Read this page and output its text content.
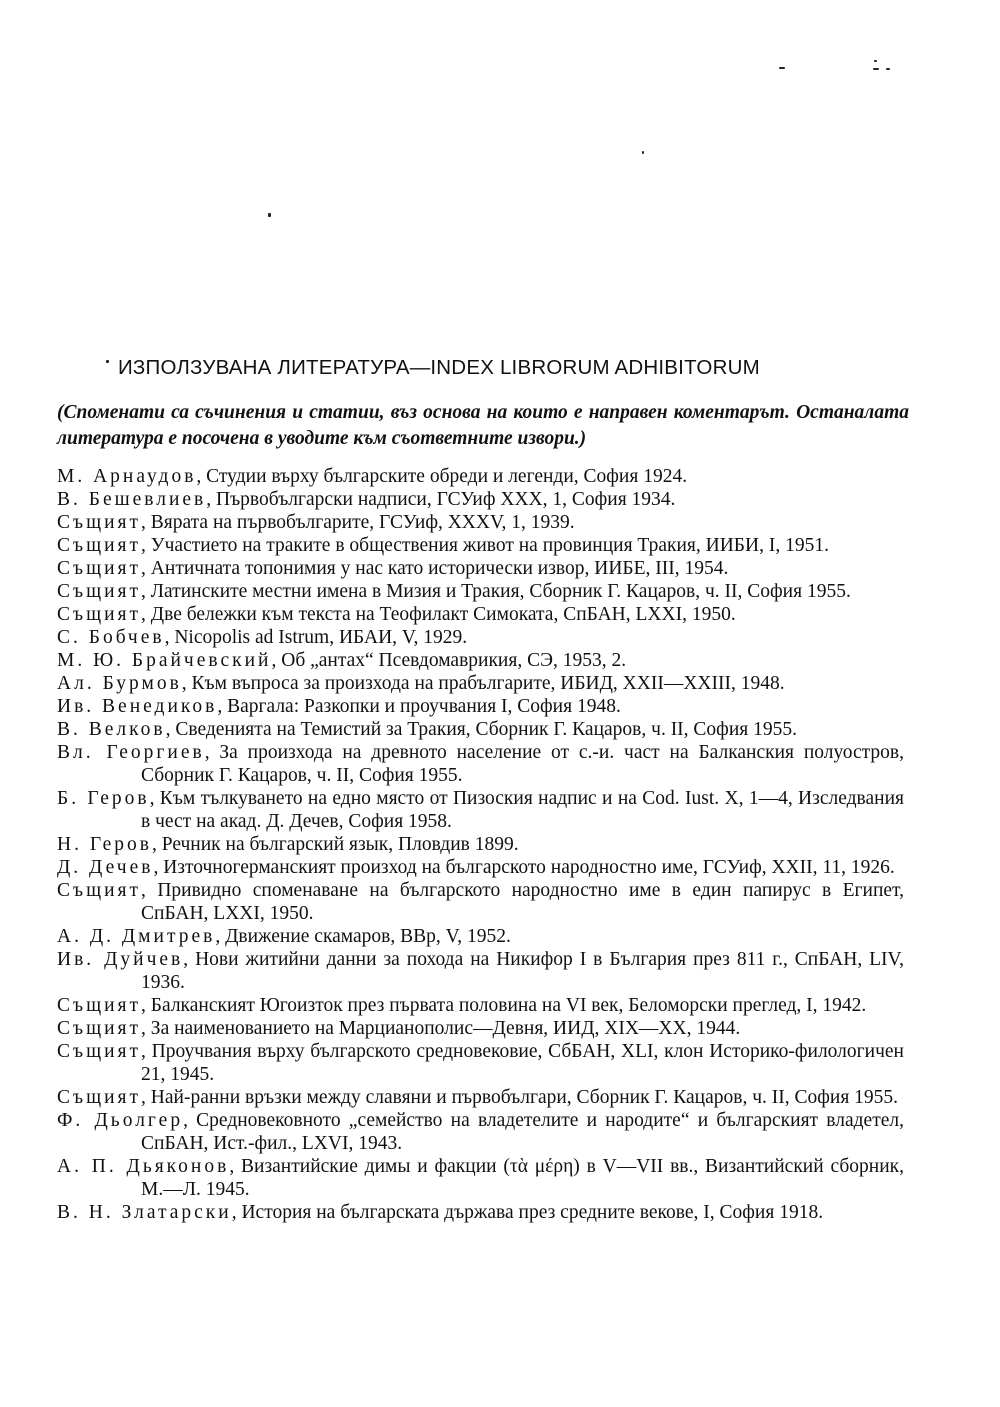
ИЗПОЛЗУВАНА ЛИТЕРАТУРА—INDEX LIBRORUM ADHIBITORUM
(Споменати са съчинения и статии, въз основа на които е направен коментарът. Останалата литература е посочена в уводите към съответните извори.)
М. Арнаудов, Студии върху българските обреди и легенди, София 1924.
В. Бешевлиев, Първобългарски надписи, ГСУиф XXX, 1, София 1934.
Същият, Вярата на първобългарите, ГСУиф, XXXV, 1, 1939.
Същият, Участието на траките в обществения живот на провинция Тракия, ИИБИ, I, 1951.
Същият, Античната топонимия у нас като исторически извор, ИИБЕ, III, 1954.
Същият, Латинските местни имена в Мизия и Тракия, Сборник Г. Кацаров, ч. II, София 1955.
Същият, Две бележки към текста на Теофилакт Симоката, СпБАН, LXXI, 1950.
С. Бобчев, Nicopolis ad Istrum, ИБАИ, V, 1929.
М. Ю. Брайчевский, Об „антах“ Псевдомаврикия, СЭ, 1953, 2.
Ал. Бурмов, Към въпроса за произхода на прабългарите, ИБИД, XXII—XXIII, 1948.
Ив. Венедиков, Варгала: Разкопки и проучвания I, София 1948.
В. Велков, Сведенията на Темистий за Тракия, Сборник Г. Кацаров, ч. II, София 1955.
Вл. Георгиев, За произхода на древното население от с.-и. част на Балканския полуостров, Сборник Г. Кацаров, ч. II, София 1955.
Б. Геров, Към тълкуването на едно място от Пизоския надпис и на Cod. Iust. X, 1—4, Изследвания в чест на акад. Д. Дечев, София 1958.
Н. Геров, Речник на българский язык, Пловдив 1899.
Д. Дечев, Източногерманският произход на българското народностно име, ГСУиф, XXII, 11, 1926.
Същият, Привидно споменаване на българското народностно име в един папирус в Египет, СпБАН, LXXI, 1950.
А. Д. Дмитрев, Движение скамаров, ВВр, V, 1952.
Ив. Дуйчев, Нови житийни данни за похода на Никифор I в България през 811 г., СпБАН, LIV, 1936.
Същият, Балканският Югоизток през първата половина на VI век, Беломорски преглед, I, 1942.
Същият, За наименованието на Марцианополис—Девня, ИИД, XIX—XX, 1944.
Същият, Проучвания върху българското средновековие, СбБАН, XLI, клон Историко-филологичен 21, 1945.
Същият, Най-ранни връзки между славяни и първобългари, Сборник Г. Кацаров, ч. II, София 1955.
Ф. Дьолгер, Средновековното „семейство на владетелите и народите“ и българският владетел, СпБАН, Ист.-фил., LXVI, 1943.
А. П. Дьяконов, Византийские димы и факции (τὰ μέρη) в V—VII вв., Византийский сборник, М.—Л. 1945.
В. Н. Златарски, История на българската държава през средните векове, I, София 1918.
